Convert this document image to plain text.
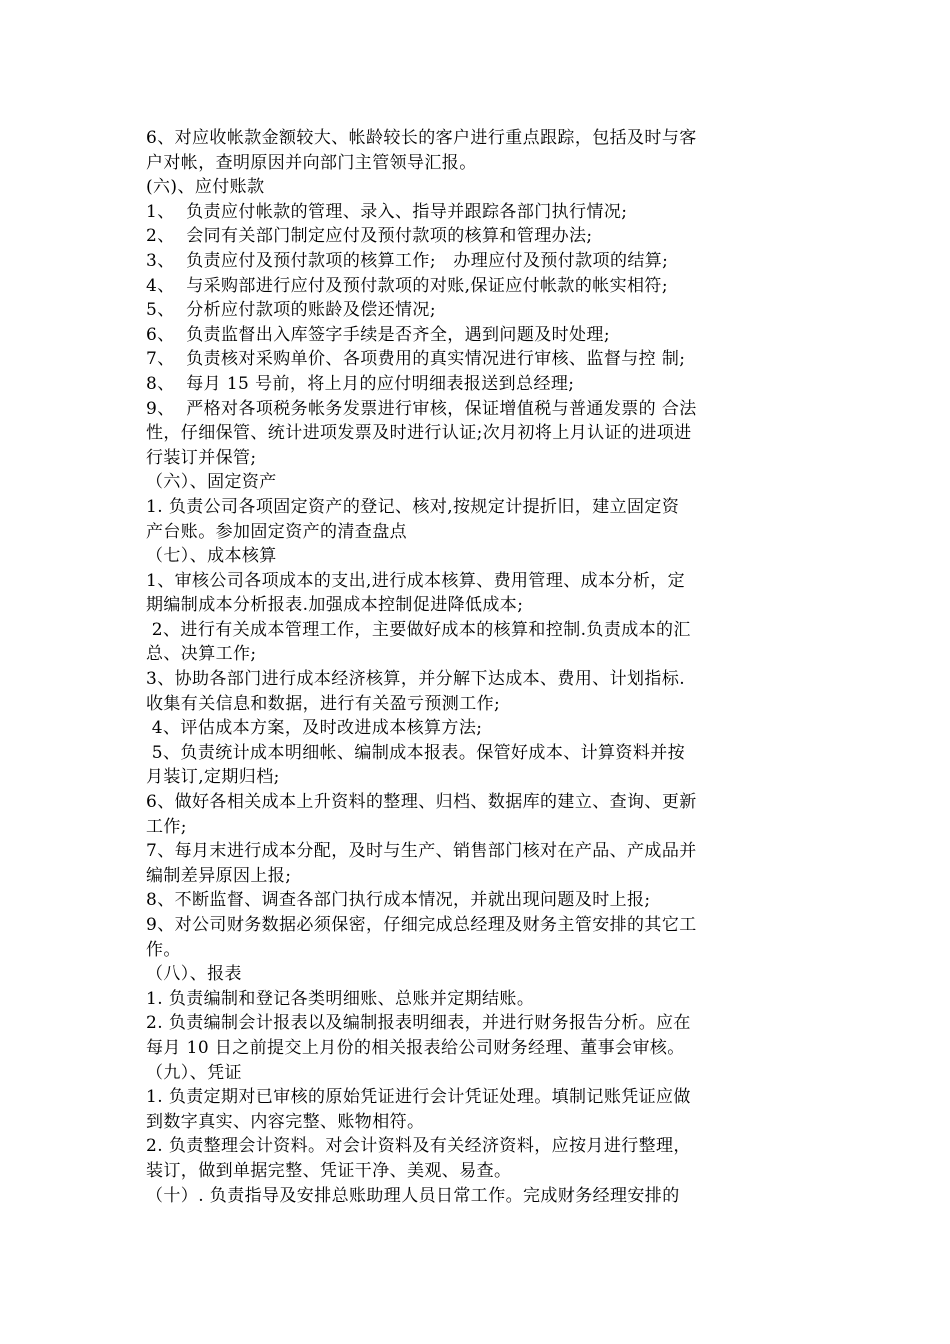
6、对应收帐款金额较大、帐龄较长的客户进行重点跟踪，包括及时与客
户对帐，查明原因并向部门主管领导汇报。
(六)、应付账款
1、  负责应付帐款的管理、录入、指导并跟踪各部门执行情况;
2、  会同有关部门制定应付及预付款项的核算和管理办法;
3、  负责应付及预付款项的核算工作;   办理应付及预付款项的结算;
4、  与采购部进行应付及预付款项的对账,保证应付帐款的帐实相符;
5、  分析应付款项的账龄及偿还情况;
6、  负责监督出入库签字手续是否齐全，遇到问题及时处理;
7、  负责核对采购单价、各项费用的真实情况进行审核、监督与控 制;
8、  每月 15 号前，将上月的应付明细表报送到总经理;
9、  严格对各项税务帐务发票进行审核，保证增值税与普通发票的 合法
性，仔细保管、统计进项发票及时进行认证;次月初将上月认证的进项进
行装订并保管;
（六）、固定资产
1. 负责公司各项固定资产的登记、核对,按规定计提折旧，建立固定资
产台账。参加固定资产的清查盘点
（七）、成本核算
1、审核公司各项成本的支出,进行成本核算、费用管理、成本分析，定
期编制成本分析报表.加强成本控制促进降低成本;
2、进行有关成本管理工作，主要做好成本的核算和控制.负责成本的汇
总、决算工作;
3、协助各部门进行成本经济核算，并分解下达成本、费用、计划指标.
收集有关信息和数据，进行有关盈亏预测工作;
4、评估成本方案，及时改进成本核算方法;
5、负责统计成本明细帐、编制成本报表。保管好成本、计算资料并按
月装订,定期归档;
6、做好各相关成本上升资料的整理、归档、数据库的建立、查询、更新
工作;
7、每月末进行成本分配，及时与生产、销售部门核对在产品、产成品并
编制差异原因上报;
8、不断监督、调查各部门执行成本情况，并就出现问题及时上报;
9、对公司财务数据必须保密，仔细完成总经理及财务主管安排的其它工
作。
（八）、报表
1. 负责编制和登记各类明细账、总账并定期结账。
2. 负责编制会计报表以及编制报表明细表，并进行财务报告分析。应在
每月 10 日之前提交上月份的相关报表给公司财务经理、董事会审核。
（九）、凭证
1. 负责定期对已审核的原始凭证进行会计凭证处理。填制记账凭证应做
到数字真实、内容完整、账物相符。
2. 负责整理会计资料。对会计资料及有关经济资料，应按月进行整理，
装订，做到单据完整、凭证干净、美观、易查。
（十）. 负责指导及安排总账助理人员日常工作。完成财务经理安排的
